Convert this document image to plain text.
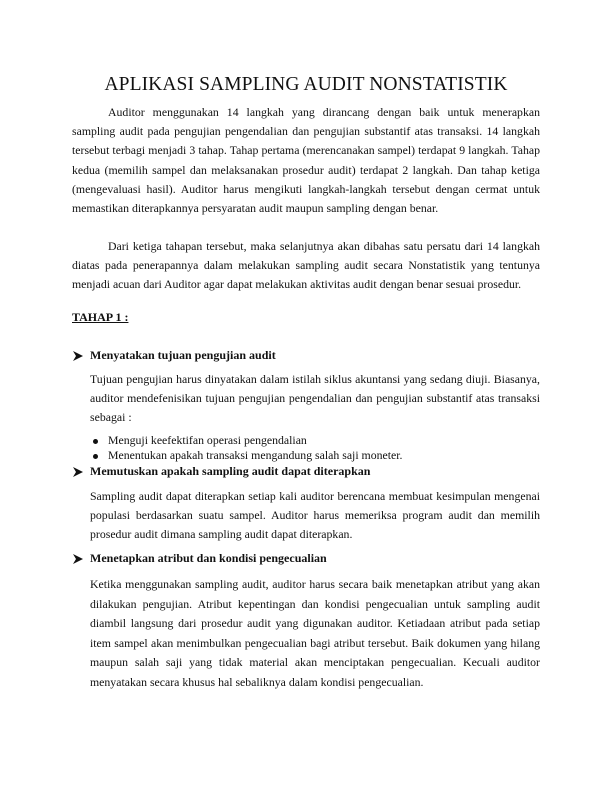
APLIKASI SAMPLING AUDIT NONSTATISTIK

Auditor menggunakan 14 langkah yang dirancang dengan baik untuk menerapkan sampling audit pada pengujian pengendalian dan pengujian substantif atas transaksi. 14 langkah tersebut terbagi menjadi 3 tahap. Tahap pertama (merencanakan sampel) terdapat 9 langkah. Tahap kedua (memilih sampel dan melaksanakan prosedur audit) terdapat 2 langkah. Dan tahap ketiga (mengevaluasi hasil). Auditor harus mengikuti langkah-langkah tersebut dengan cermat untuk memastikan diterapkannya persyaratan audit maupun sampling dengan benar.

Dari ketiga tahapan tersebut, maka selanjutnya akan dibahas satu persatu dari 14 langkah diatas pada penerapannya dalam melakukan sampling audit secara Nonstatistik yang tentunya menjadi acuan dari Auditor agar dapat melakukan aktivitas audit dengan benar sesuai prosedur.

TAHAP 1 :

Menyatakan tujuan pengujian audit

Tujuan pengujian harus dinyatakan dalam istilah siklus akuntansi yang sedang diuji. Biasanya, auditor mendefenisikan tujuan pengujian pengendalian dan pengujian substantif atas transaksi sebagai :

Menguji keefektifan operasi pengendalian
Menentukan apakah transaksi mengandung salah saji moneter.

Memutuskan apakah sampling audit dapat diterapkan

Sampling audit dapat diterapkan setiap kali auditor berencana membuat kesimpulan mengenai populasi berdasarkan suatu sampel. Auditor harus memeriksa program audit dan memilih prosedur audit dimana sampling audit dapat diterapkan.

Menetapkan atribut dan kondisi pengecualian

Ketika menggunakan sampling audit, auditor harus secara baik menetapkan atribut yang akan dilakukan pengujian. Atribut kepentingan dan kondisi pengecualian untuk sampling audit diambil langsung dari prosedur audit yang digunakan auditor. Ketiadaan atribut pada setiap item sampel akan menimbulkan pengecualian bagi atribut tersebut. Baik dokumen yang hilang maupun salah saji yang tidak material akan menciptakan pengecualian. Kecuali auditor menyatakan secara khusus hal sebaliknya dalam kondisi pengecualian.
